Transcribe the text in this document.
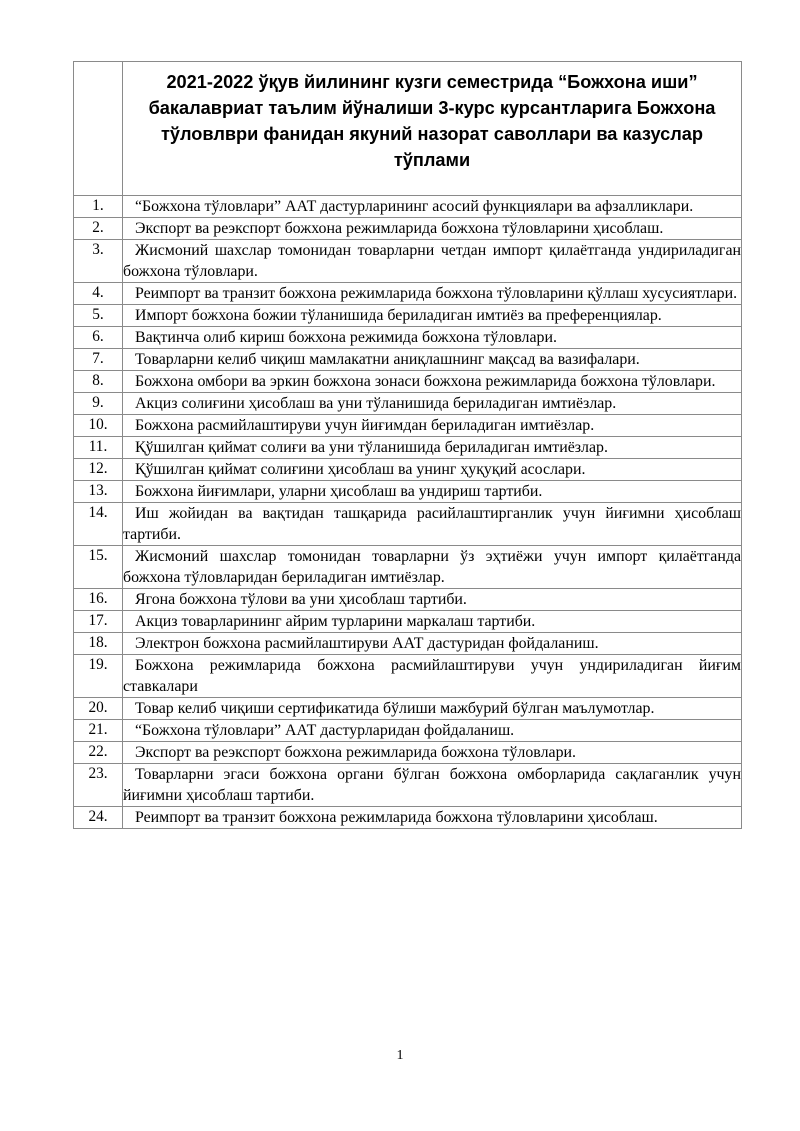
	2021-2022 ўқув йилининг кузги семестрида “Божхона иши” бакалавриат таълим йўналиши 3-курс курсантларига Божхона тўловлври фанидан якуний назорат саволлари ва казуслар тўплами

1.	“Божхона тўловлари” ААТ дастурларининг асосий функциялари ва афзалликлари.
2.	Экспорт ва реэкспорт божхона режимларида божхона тўловларини ҳисоблаш.
3.	Жисмоний шахслар томонидан товарларни четдан импорт қилаётганда ундириладиган божхона тўловлари.
4.	Реимпорт ва транзит божхона режимларида божхона тўловларини қўллаш хусусиятлари.
5.	Импорт божхона божии тўланишида бериладиган имтиёз ва преференциялар.
6.	Вақтинча олиб кириш божхона режимида божхона тўловлари.
7.	Товарларни келиб чиқиш мамлакатни аниқлашнинг мақсад ва вазифалари.
8.	Божхона омбори ва эркин божхона зонаси божхона режимларида божхона тўловлари.
9.	Акциз солиғини ҳисоблаш ва уни тўланишида бериладиган имтиёзлар.
10.	Божхона расмийлаштируви учун йиғимдан бериладиган имтиёзлар.
11.	Қўшилган қиймат солиғи ва уни тўланишида бериладиган имтиёзлар.
12.	Қўшилган қиймат солиғини ҳисоблаш ва унинг ҳуқуқий асослари.
13.	Божхона йиғимлари, уларни ҳисоблаш ва ундириш тартиби.
14.	Иш жойидан ва вақтидан ташқарида расийлаштирганлик учун йиғимни ҳисоблаш тартиби.
15.	Жисмоний шахслар томонидан товарларни ўз эҳтиёжи учун импорт қилаётганда божхона тўловларидан бериладиган имтиёзлар.
16.	Ягона божхона тўлови ва уни ҳисоблаш тартиби.
17.	Акциз товарларининг айрим турларини маркалаш тартиби.
18.	Электрон божхона расмийлаштируви ААТ дастуридан фойдаланиш.
19.	Божхона режимларида божхона расмийлаштируви учун ундириладиган йиғим ставкалари
20.	Товар келиб чиқиши сертификатида бўлиши мажбурий бўлган маълумотлар.
21.	“Божхона тўловлари” ААТ дастурларидан фойдаланиш.
22.	Экспорт ва реэкспорт божхона режимларида божхона тўловлари.
23.	Товарларни эгаси божхона органи бўлган божхона омборларида сақлаганлик учун йиғимни ҳисоблаш тартиби.
24.	Реимпорт ва транзит божхона режимларида божхона тўловларини ҳисоблаш.
1
